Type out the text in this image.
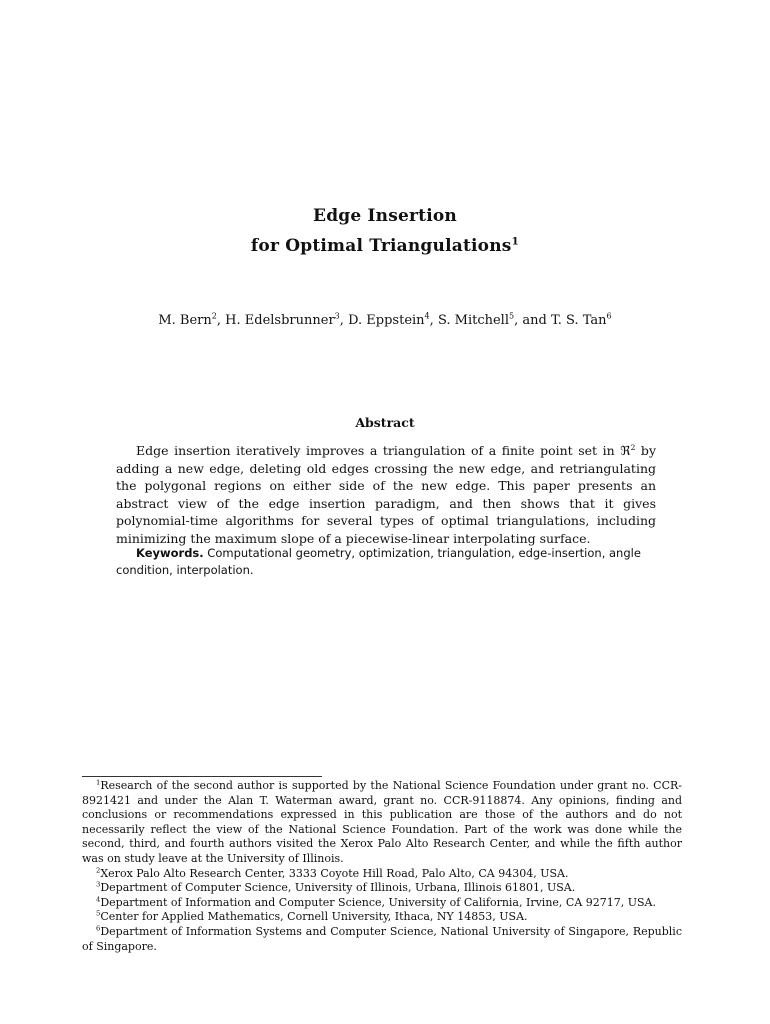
Edge Insertion
for Optimal Triangulations$^1$
M. Bern$^2$, H. Edelsbrunner$^3$, D. Eppstein$^4$, S. Mitchell$^5$, and T. S. Tan$^6$
Abstract
Edge insertion iteratively improves a triangulation of a finite point set in ℜ$^2$ by adding a new edge, deleting old edges crossing the new edge, and retriangulating the polygonal regions on either side of the new edge. This paper presents an abstract view of the edge insertion paradigm, and then shows that it gives polynomial-time algorithms for several types of optimal triangulations, including minimizing the maximum slope of a piecewise-linear interpolating surface.
Keywords. Computational geometry, optimization, triangulation, edge-insertion, angle condition, interpolation.
$^1$Research of the second author is supported by the National Science Foundation under grant no. CCR-8921421 and under the Alan T. Waterman award, grant no. CCR-9118874. Any opinions, finding and conclusions or recommendations expressed in this publication are those of the authors and do not necessarily reflect the view of the National Science Foundation. Part of the work was done while the second, third, and fourth authors visited the Xerox Palo Alto Research Center, and while the fifth author was on study leave at the University of Illinois.
$^2$Xerox Palo Alto Research Center, 3333 Coyote Hill Road, Palo Alto, CA 94304, USA.
$^3$Department of Computer Science, University of Illinois, Urbana, Illinois 61801, USA.
$^4$Department of Information and Computer Science, University of California, Irvine, CA 92717, USA.
$^5$Center for Applied Mathematics, Cornell University, Ithaca, NY 14853, USA.
$^6$Department of Information Systems and Computer Science, National University of Singapore, Republic of Singapore.
